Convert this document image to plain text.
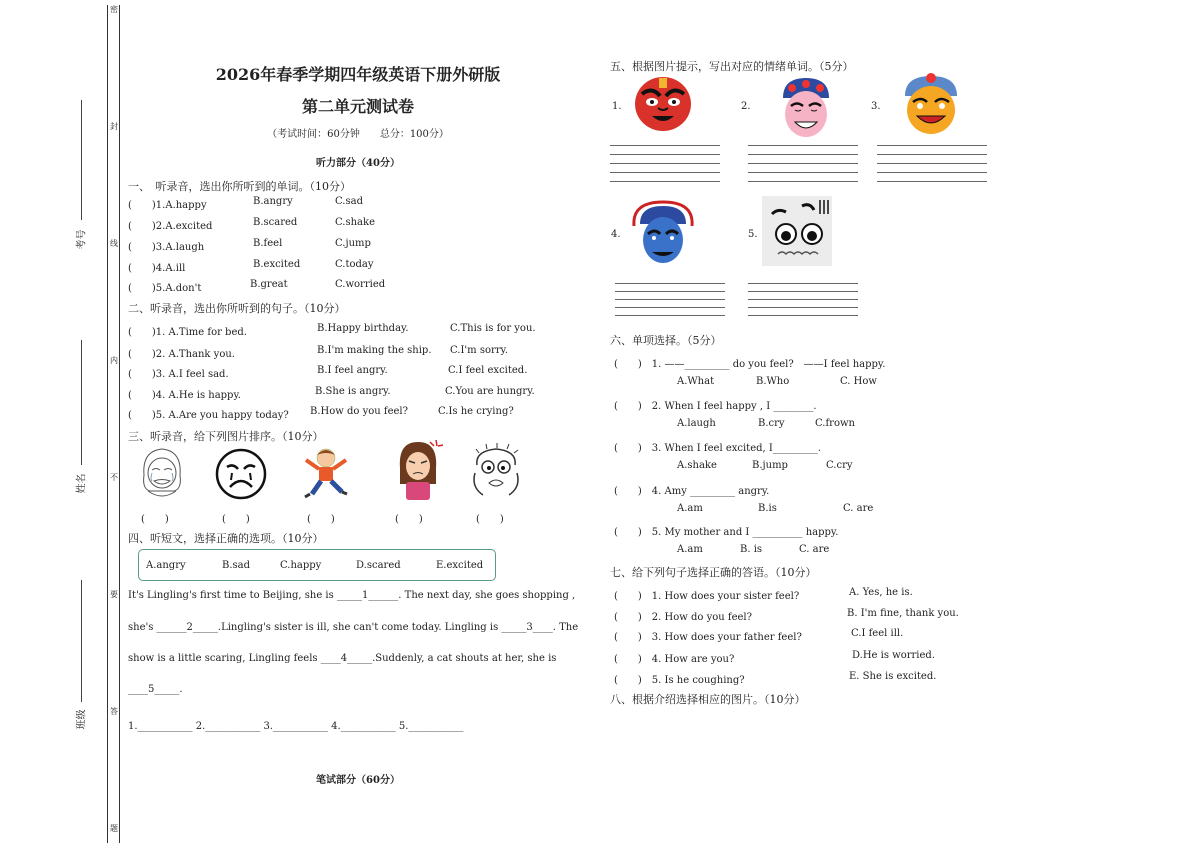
密
封
线
内
不
要
答
题
考号
姓名
班级
2026年春季学期四年级英语下册外研版
第二单元测试卷
（考试时间：60分钟　　总分：100分）
听力部分（40分）
一、　听录音，选出你所听到的单词。（10分）
(　　)1.A.happy	B.angry	C.sad
(　　)2.A.excited	B.scared	C.shake
(　　)3.A.laugh	B.feel	C.jump
(　　)4.A.ill	B.excited	C.today
(　　)5.A.don't	B.great	C.worried
二、听录音，选出你所听到的句子。（10分）
(　　)1. A.Time for bed.	B.Happy birthday.	C.This is for you.
(　　)2. A.Thank you.	B.I'm making the ship. C.I'm sorry.
(　　)3. A.I feel sad.	B.I feel angry.	C.I feel excited.
(　　)4. A.He is happy.	B.She is angry.	C.You are hungry.
(　　)5. A.Are you happy today? B.How do you feel?	C.Is he crying?
三、听录音，给下列图片排序。（10分）
(　　)	(　　)	(　　)	(　　)	(　　)
四、听短文，选择正确的选项。（10分）
A.angry	B.sad	C.happy	D.scared	E.excited
It's Lingling's first time to Beijing, she is _____1______. The next day, she goes shopping ,
she's ______2_____.Lingling's sister is ill, she can't come today. Lingling is _____3____. The
show is a little scaring, Lingling feels ____4_____.Suddenly, a cat shouts at her, she is
____5_____.
1.___________ 2.___________ 3.___________ 4.___________ 5.___________
笔试部分（60分）
五、根据图片提示，写出对应的情绪单词。（5分）
1.	2.	3.
4.	5.
六、单项选择。（5分）
(　　)　1. ——_________ do you feel?　——I feel happy.
A.What	B.Who	C. How
(　　)　2. When I feel happy , I ________.
A.laugh	B.cry	C.frown
(　　)　3. When I feel excited, I_________.
A.shake	B.jump	C.cry
(　　)　4. Amy _________ angry.
A.am	B.is	C. are
(　　)　5. My mother and I __________ happy.
A.am	B. is	C. are
七、给下列句子选择正确的答语。（10分）
(　　)　1. How does your sister feel?	A. Yes, he is.
(　　)　2. How do you feel?	B. I'm fine, thank you.
(　　)　3. How does your father feel?	C.I feel ill.
(　　)　4. How are you?	D.He is worried.
(　　)　5. Is he coughing?	E. She is excited.
八、根据介绍选择相应的图片。（10分）
